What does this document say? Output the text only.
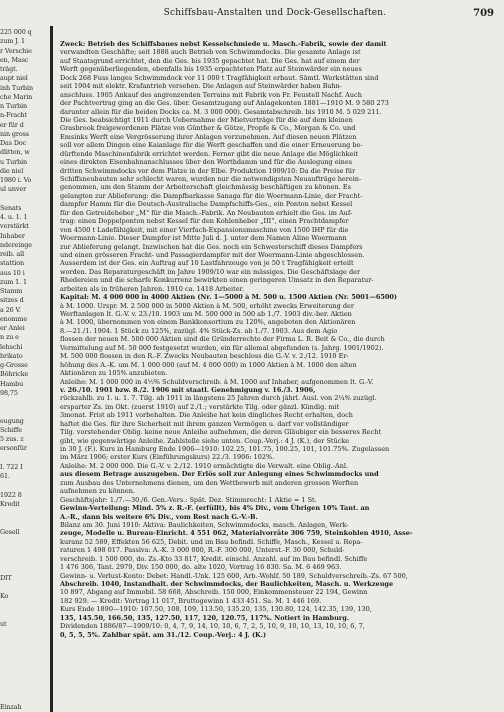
Schiffsbau-Anstalten und Dock-Gesellschaften.	709
225 000 q
zum J. 1
r Verschie
en, Masc
trägt.
aupt niel
inh Turbin
che Marin
n Turbin
n-Fracht
er für d
nin gross
Das Doc
dlitten, w
u Turbin
die niel
1980 i. Vo
ul unver

Senats
4. u. 1. 1
verstärkt
Inhaber
ndereinge
reib. all
stattion
aus 10 i
zum 1. 1
Stamm
sitzes d
a 26 V.
enomme
er Anlei
n zu e
lehschi
brikato
g-Grosse
Böhricke
Hambu
98,75

eugung
Schiffe
5 zus. z
ersonfür

I. 722 I
61.

1922 8
Kredit

Gesell

DIT

Ko

ut

Einzah
Zweck: Betrieb des Schiffsbaues nebst Kesselschmiede u. Masch.-Fabrik, sowie der damit
verwandten Geschäfte; seit 1888 auch Betrieb von Schwimmdocks. Die gesamte Anlage ist
auf Staatsgrund errichtet, den die Ges. bis 1935 gepachtet hat. Die Ges. hat auf einem der
Werft gegenüberliegenden, ebenfalls bis 1935 erpachteten Platz auf Steinwärder ein neues
Dock 268 Fuss langes Schwimmdock vor 11 000 t Tragfähigkeit erbaut. Sämtl. Werkstätten sind
seit 1904 mit elektr. Krafantrieb versehen. Die Anlagen auf Steinwärder haben Bahn-
anschluss. 1905 Ankauf des angrenzenden Terrains mit Fabrik von Fr. Feustell Nachf. Auch
der Pachtvertrag ging an die Ges. über. Gesamtzugang auf Anlagekonten 1881—1910 M. 9 580 273
darunter allein für die beiden Docks ca. M. 3 000 000). Gesamtabschreib. bis 1910 M. 5 029 211.
Die Ges. beabsichtigt 1911 durch Uebernahme der Mietverträge für die auf dem kleinen
Grasbrook freigewordenen Plätze von Günther & Götze, Propfe & Co., Morgan & Co. und
Emsinks Werft eine Vergrösserung ihrer Anlagen vorzunehmen. Auf diesen neuen Plätzen
soll vor allem Dingen eine Kaianlage für die Werft geschaffen und die einer Erneuerung be-
dürftende Maschinenfabrik errichtet werden. Ferner gibt die neue Anlage die Möglichkeit
eines direkten Eisenbahnanschlusses über den Worthdamm und für die Auslegung eines
dritten Schwimmdocks vor dem Platze in der Elbe. Produktion 1909/10: Da die Preise für
Schiffsneubauten sehr schlecht waren, wurden nur die notwendigsten Neuaufträge herein-
genommen, um den Stamm der Arbeiterschaft gleichmässig beschäftigen zu können. Es
gelangten zur Ablieferung: die Dampfbarkasse Sanaga für die Woermann-Linie, der Fracht-
dampfer Hamm für die Deutsch-Australische Dampfschiffs-Ges., ein Ponton nebst Kessel
für den Getreideheber „M“ für die Masch.-Fabrik. An Neubauten erhielt die Ges. im Auf-
trag: einen Doppelponton nebst Kessel für den Kohlenheber „III“, einen Frachtdampfer
von 4500 t Ladefähigkeit, mit einer Vierfach-Expansionsmaschine von 1500 IHP für die
Woermann-Linie. Dieser Dampfer ist Mitte Juli d. J. unter dem Namen Aline Woermann
zur Ablieferung gelangt. Inzwischen hat die Ges. noch ein Schwesterschiff dieses Dampfers
und einen grösseren Fracht- und Passagierdampfer mit der Woermann-Linie abgeschlossen.
Ausserdem ist der Ges. ein Auftrag auf 10 Lastfahrzeuge von je 50 t Tragfähigkeit erteilt
worden. Das Reparaturgeschäft im Jahre 1909/10 war ein mässiges. Die Geschäftslage der
Rhedereien und die scharfe Konkurrenz bewirkten einen geringeren Umsatz in den Reparatur-
arbeiten als in früheren Jahren. 1910 ca. 1418 Arbeiter.
Kapital: M. 4 000 000 in 4000 Aktien (Nr. 1—5000 à M. 500 u. 1500 Aktien (Nr. 5001—6500)
à M. 1000. Urspr. M. 2 500 000 in 5000 Aktien à M. 500, erhöht zwecks Erweiterung der
Werftanlagen lt. G.-V. v. 23./10. 1903 um M. 500 000 in 500 ab 1./7. 1903 div.-ber. Aktien
à M. 1000, übernommen von einem Bankkonsortium zu 120%, angeboten den Aktionären
8.—21./1. 1904. 1 Stück zu 125%, zuzügl. 4% Stück-Zs. ab 1./7. 1903. Aus dem Agio
flossen der neuen M. 500 000 Aktien sind die Gründerrechte der Firma L. R. Beit & Co., die durch
Vermittelung auf M. 50 000 festgesetzt wurden, ein für allemal abgefunden (s. Jahrg. 1901/1902).
M. 500 000 flossen in den R.-F. Zwecks Neubauten beschloss die G.-V. v. 2./12. 1910 Er-
höhung des A.-K. um M. 1 000 000 (auf M. 4 000 000) in 1000 Aktien à M. 1000 den alten
Aktionären zu 105% anzubieten.
Anleihe: M. 1 000 000 in 4½% Schuldverschreib. à M. 1000 auf Inhaber, aufgenommen lt. G.-V.
v. 26./10. 1901 bzw. 8./2. 1906 mit staatl. Genehmigung v. 16./3. 1906,
rückzahlb. zu 1. u. 1. 7. Tilg. ab 1911 in längstens 25 Jahren durch jährl. Ausl. von 2¼% zuzügl.
ersparter Zs. im Okt. (zuerst 1910) auf 2./1.; verstärkte Tilg. oder gänzl. Kündig. mit
3monat. Frist ab 1911 vorbehalten. Die Anleihe hat kein dingliches Recht erhalten, doch
haftet die Ges. für ihre Sicherheit mit ihrem ganzen Vermögen u. darf vor vollständiger
Tilg. vorstehender Oblig. keine neue Anleihe aufnehmen, die deren Gläubiger ein besseres Recht
gibt, wie gegenwärtige Anleihe. Zahlstelle siehe unten. Coup.-Verj.: 4 J. (K.), der Stücke
in 30 J. (F.). Kurs in Hamburg Ende 1906—1910: 102.25, 101.75, 100.25, 101, 101.75%. Zugelassen
im März 1906; erster Kurs (Einführungskurs) 22./3. 1906: 102%.
Anleihe: M. 2 000 000. Die G.-V. v. 2./12. 1910 ermächtigte die Verwalt. eine Oblig.-Anl.
aus diesem Betrage auszugeben. Der Erlös soll zur Anlegung eines Schwimmdocks und
zum Ausbau des Unternehmens dienen, um den Wettbewerb mit anderen grossen Werften
aufnehmen zu können.
Geschäftsjahr: 1./7.—30./6. Gen.-Vers.: Spät. Dez. Stimmrecht: 1 Aktie = 1 St.
Gewinn-Verteilung: Mind. 5% z. R.-F. (erfüllt), bis 4% Div., vom Übrigen 10% Tant. an
A.-R., dann bis weitere 6% Div., vom Rest nach G.-V.-B.
Bilanz am 30. Juni 1910: Aktiva: Baulichkeiten, Schwimmdocks, masch. Anlagen, Werk-
zeuge, Modelle u. Bureau-Einricht. 4 551 062, Materialvorräte 306 759, Steinkohlen 4910, Asse-
kuranz 52 589, Effekten 56 625, Debit. und im Bau befindl. Schiffe, Masch., Kessel u. Repa-
raturen 1 498 017. Passiva: A.-K. 3 000 000, R.-F. 300 000, Unterst.-F. 30 000, Schuld-
verschreib. 1 500 000, do. Zs.-Kto 33 817, Kredit. einschl. Anzahl. auf im Bau befindl. Schiffe
1 476 306, Tant. 2979, Div. 150 000, do. alte 1020, Vortrag 16 830. Sa. M. 6 469 963.
Gewinn- u. Verlust-Konto: Debet: Handl.-Unk. 125 600, Arb.-Wohlf. 50 189, Schuldverschreib.-Zs. 67 500,
Abschreib. 1040, Instandhalt. der Schwimmdocks, der Baulichkeiten, Masch. u. Werkzeuge
10 897, Abgang auf Immobil. 58 668, Abschreib. 150 000, Einkommensteuer 22 194, Gewinn
182 929. — Kredit: Vortrag 11 017, Bruttogewinn 1 433 451. Sa. M. 1 446 169.
Kurs Ende 1890—1910: 107.50, 108, 109, 113.50, 135.20, 135, 130.80, 124, 142.35, 139, 130,
135, 145.50, 166.50, 135, 127.50, 117, 120, 120.75, 117%. Notiert in Hamburg.
Dividenden 1886/87—1909/10: 0, 4, 7, 9, 14, 10, 10, 6, 7, 2, 5, 10, 9, 10, 10, 13, 10, 10, 6, 7,
0, 5, 5, 5%. Zahlbar spät. am 31./12. Coup.-Verj.: 4 J. (K.)
